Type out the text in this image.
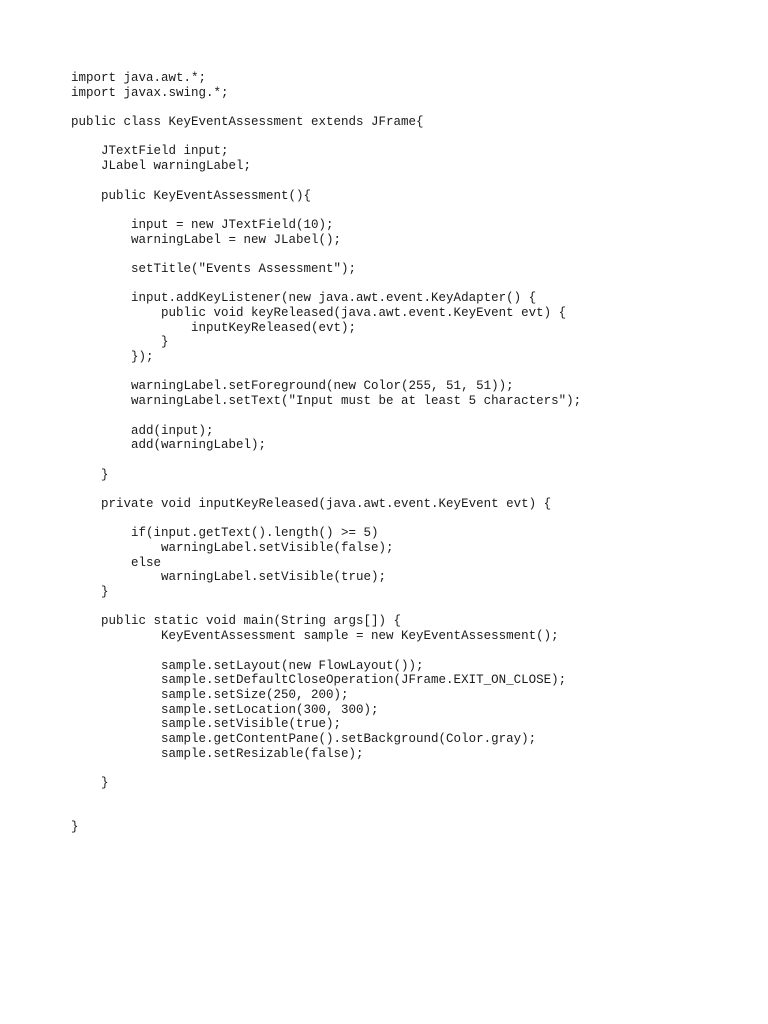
import java.awt.*;
import javax.swing.*;
public class KeyEventAssessment extends JFrame{
JTextField input;
JLabel warningLabel;
public KeyEventAssessment(){
input = new JTextField(10);
warningLabel = new JLabel();
setTitle("Events Assessment");
input.addKeyListener(new java.awt.event.KeyAdapter() {
public void keyReleased(java.awt.event.KeyEvent evt) {
inputKeyReleased(evt);
}
});
warningLabel.setForeground(new Color(255, 51, 51));
warningLabel.setText("Input must be at least 5 characters");
add(input);
add(warningLabel);
}
private void inputKeyReleased(java.awt.event.KeyEvent evt) {
if(input.getText().length() >= 5)
warningLabel.setVisible(false);
else
warningLabel.setVisible(true);
}
public static void main(String args[]) {
KeyEventAssessment sample = new KeyEventAssessment();
sample.setLayout(new FlowLayout());
sample.setDefaultCloseOperation(JFrame.EXIT_ON_CLOSE);
sample.setSize(250, 200);
sample.setLocation(300, 300);
sample.setVisible(true);
sample.getContentPane().setBackground(Color.gray);
sample.setResizable(false);
}
}
